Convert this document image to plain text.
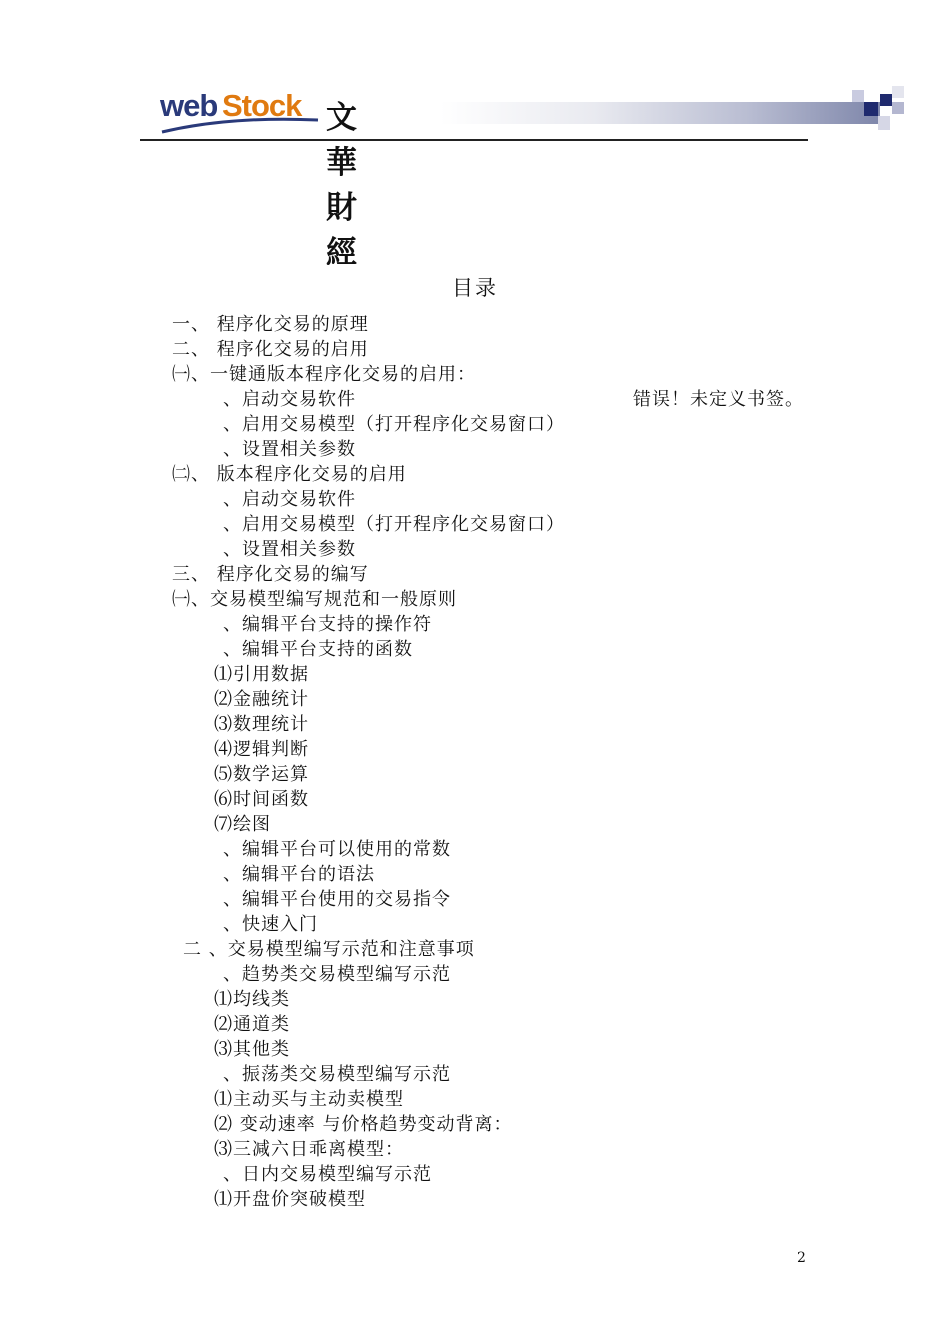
web Stock 文華財經
目录
一、 程序化交易的原理
二、 程序化交易的启用
㈠、一键通版本程序化交易的启用：
、启动交易软件
、启用交易模型（打开程序化交易窗口）
、设置相关参数
㈡、 版本程序化交易的启用
、启动交易软件
、启用交易模型（打开程序化交易窗口）
、设置相关参数
三、 程序化交易的编写
㈠、交易模型编写规范和一般原则
、编辑平台支持的操作符
、编辑平台支持的函数
⑴引用数据
⑵金融统计
⑶数理统计
⑷逻辑判断
⑸数学运算
⑹时间函数
⑺绘图
、编辑平台可以使用的常数
、编辑平台的语法
、编辑平台使用的交易指令
、快速入门
二 、交易模型编写示范和注意事项
、趋势类交易模型编写示范
⑴均线类
⑵通道类
⑶其他类
、振荡类交易模型编写示范
⑴主动买与主动卖模型
⑵ 变动速率 与价格趋势变动背离：
⑶三减六日乖离模型：
、日内交易模型编写示范
⑴开盘价突破模型
错误！未定义书签。
2
